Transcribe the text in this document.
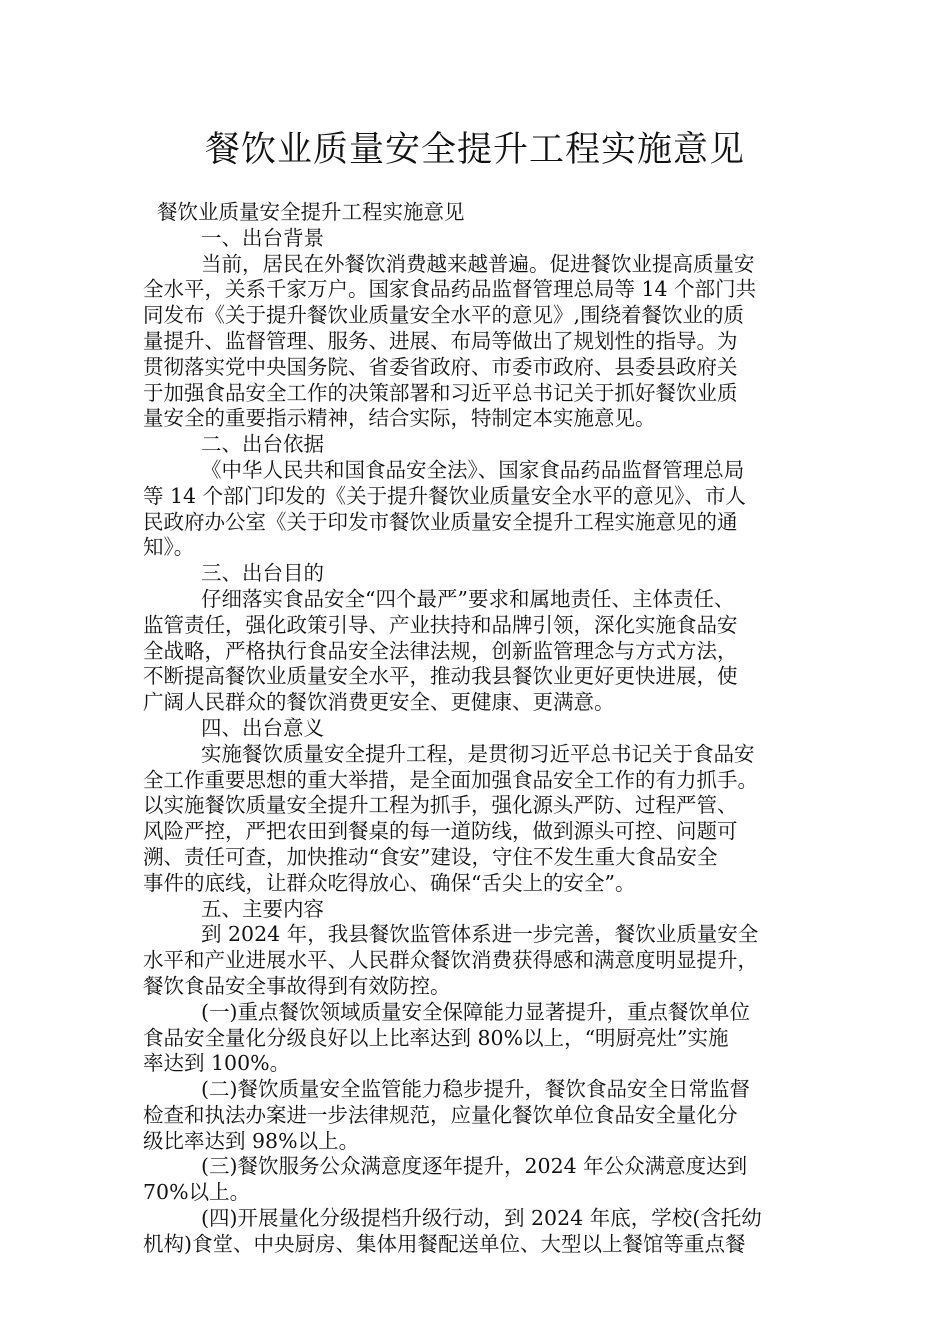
餐饮业质量安全提升工程实施意见
餐饮业质量安全提升工程实施意见
一、出台背景
当前，居民在外餐饮消费越来越普遍。促进餐饮业提高质量安
全水平，关系千家万户。国家食品药品监督管理总局等 14 个部门共
同发布《关于提升餐饮业质量安全水平的意见》,围绕着餐饮业的质
量提升、监督管理、服务、进展、布局等做出了规划性的指导。为
贯彻落实党中央国务院、省委省政府、市委市政府、县委县政府关
于加强食品安全工作的决策部署和习近平总书记关于抓好餐饮业质
量安全的重要指示精神，结合实际，特制定本实施意见。
二、出台依据
《中华人民共和国食品安全法》、国家食品药品监督管理总局
等 14 个部门印发的《关于提升餐饮业质量安全水平的意见》、市人
民政府办公室《关于印发市餐饮业质量安全提升工程实施意见的通
知》。
三、出台目的
仔细落实食品安全“四个最严”要求和属地责任、主体责任、
监管责任，强化政策引导、产业扶持和品牌引领，深化实施食品安
全战略，严格执行食品安全法律法规，创新监管理念与方式方法，
不断提高餐饮业质量安全水平，推动我县餐饮业更好更快进展，使
广阔人民群众的餐饮消费更安全、更健康、更满意。
四、出台意义
实施餐饮质量安全提升工程，是贯彻习近平总书记关于食品安
全工作重要思想的重大举措，是全面加强食品安全工作的有力抓手。
以实施餐饮质量安全提升工程为抓手，强化源头严防、过程严管、
风险严控，严把农田到餐桌的每一道防线，做到源头可控、问题可
溯、责任可查，加快推动“食安”建设，守住不发生重大食品安全
事件的底线，让群众吃得放心、确保“舌尖上的安全”。
五、主要内容
到 2024 年，我县餐饮监管体系进一步完善，餐饮业质量安全
水平和产业进展水平、人民群众餐饮消费获得感和满意度明显提升，
餐饮食品安全事故得到有效防控。
(一)重点餐饮领域质量安全保障能力显著提升，重点餐饮单位
食品安全量化分级良好以上比率达到 80%以上，“明厨亮灶”实施
率达到 100%。
(二)餐饮质量安全监管能力稳步提升，餐饮食品安全日常监督
检查和执法办案进一步法律规范，应量化餐饮单位食品安全量化分
级比率达到 98%以上。
(三)餐饮服务公众满意度逐年提升，2024 年公众满意度达到
70%以上。
(四)开展量化分级提档升级行动，到 2024 年底，学校(含托幼
机构)食堂、中央厨房、集体用餐配送单位、大型以上餐馆等重点餐
